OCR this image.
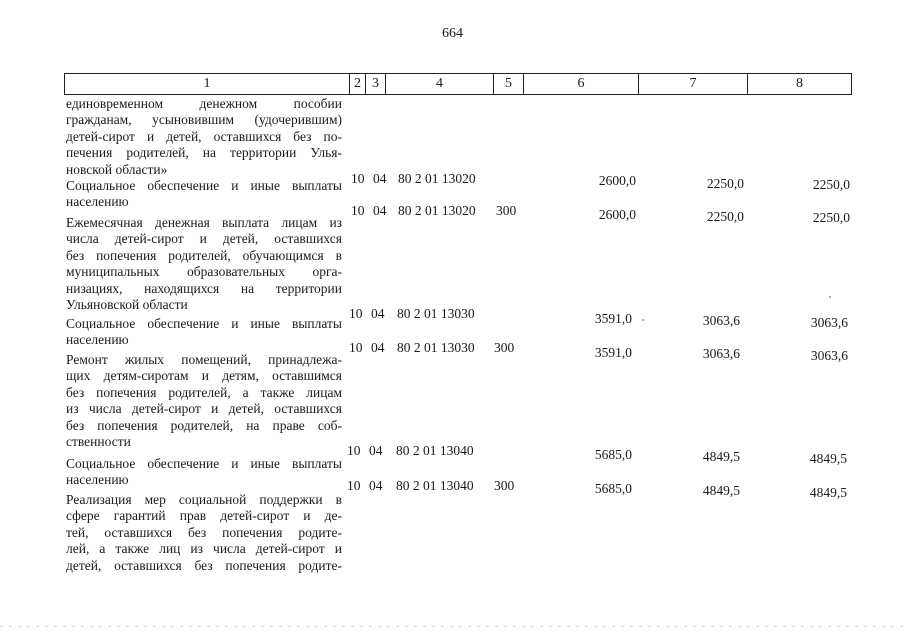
664
1	2 3	4	5	6	7	8
единовременном денежном пособии
гражданам, усыновившим (удочерившим)
детей-сирот и детей, оставшихся без по-
печения родителей, на территории Улья-
новской области»
Социальное обеспечение и иные выплаты
населению
10 04 80 2 01 13020	2600,0	2250,0	2250,0
10 04 80 2 01 13020 300	2600,0	2250,0	2250,0
Ежемесячная денежная выплата лицам из
числа детей-сирот и детей, оставшихся
без попечения родителей, обучающимся в
муниципальных образовательных орга-
низациях, находящихся на территории
Ульяновской области
Социальное обеспечение и иные выплаты
населению
10 04 80 2 01 13030	3591,0	3063,6	3063,6
10 04 80 2 01 13030 300	3591,0	3063,6	3063,6
Ремонт жилых помещений, принадлежа-
щих детям-сиротам и детям, оставшимся
без попечения родителей, а также лицам
из числа детей-сирот и детей, оставшихся
без попечения родителей, на праве соб-
ственности
Социальное обеспечение и иные выплаты
населению
10 04 80 2 01 13040	5685,0	4849,5	4849,5
10 04 80 2 01 13040 300	5685,0	4849,5	4849,5
Реализация мер социальной поддержки в
сфере гарантий прав детей-сирот и де-
тей, оставшихся без попечения родите-
лей, а также лиц из числа детей-сирот и
детей, оставшихся без попечения родите-
